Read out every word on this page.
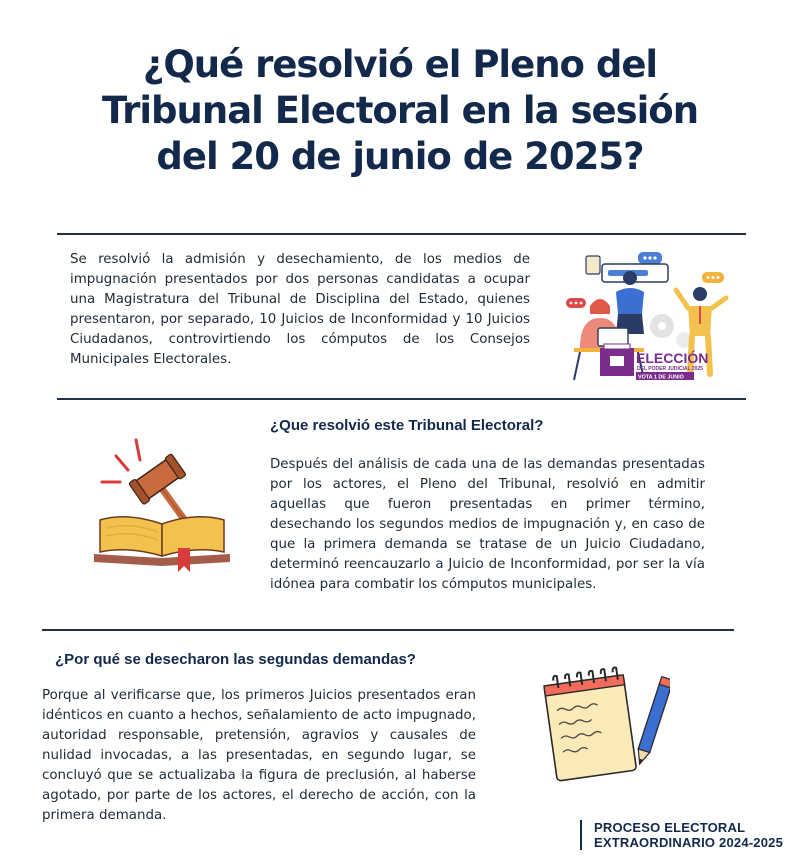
¿Qué resolvió el Pleno del
Tribunal Electoral en la sesión
del 20 de junio de 2025?

Se resolvió la admisión y desechamiento, de los medios de impugnación presentados por dos personas candidatas a ocupar una Magistratura del Tribunal de Disciplina del Estado, quienes presentaron, por separado, 10 Juicios de Inconformidad y 10 Juicios Ciudadanos, controvirtiendo los cómputos de los Consejos Municipales Electorales.	ELECCIÓN
DEL PODER JUDICIAL 2025
VOTA 1 DE JUNIO
¿Que resolvió este Tribunal Electoral?

Después del análisis de cada una de las demandas presentadas por los actores, el Pleno del Tribunal, resolvió en admitir aquellas que fueron presentadas en primer término, desechando los segundos medios de impugnación y, en caso de que la primera demanda se tratase de un Juicio Ciudadano, determinó reencauzarlo a Juicio de Inconformidad, por ser la vía idónea para combatir los cómputos municipales.

¿Por qué se desecharon las segundas demandas?

Porque al verificarse que, los primeros Juicios presentados eran idénticos en cuanto a hechos, señalamiento de acto impugnado, autoridad responsable, pretensión, agravios y causales de nulidad invocadas, a las presentadas, en segundo lugar, se concluyó que se actualizaba la figura de preclusión, al haberse agotado, por parte de los actores, el derecho de acción, con la primera demanda.

PROCESO ELECTORAL
EXTRAORDINARIO 2024-2025
